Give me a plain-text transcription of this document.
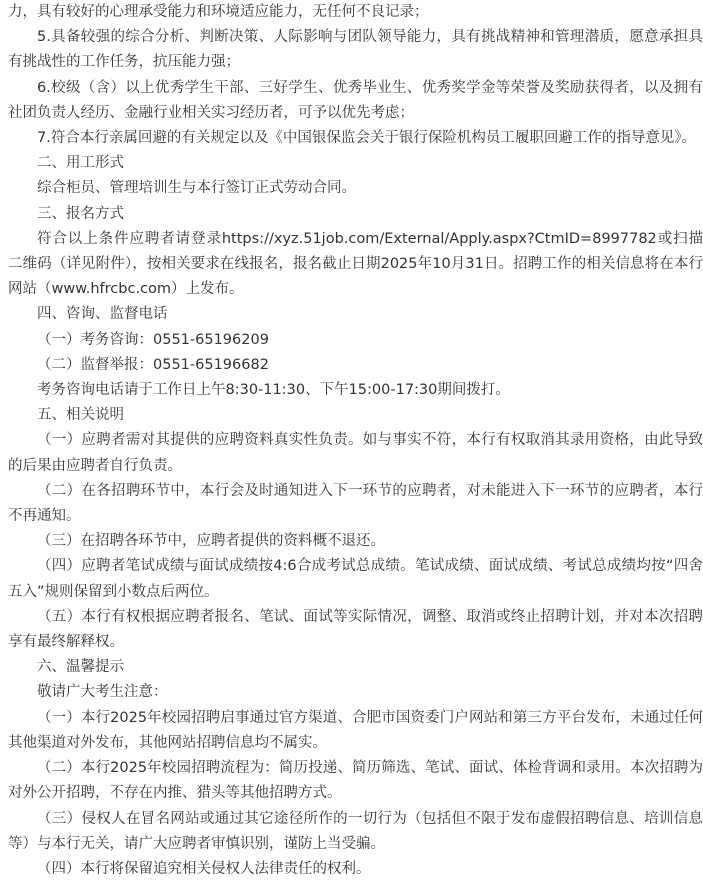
力，具有较好的心理承受能力和环境适应能力，无任何不良记录；

5.具备较强的综合分析、判断决策、人际影响与团队领导能力，具有挑战精神和管理潜质，愿意承担具有挑战性的工作任务，抗压能力强；

6.校级（含）以上优秀学生干部、三好学生、优秀毕业生、优秀奖学金等荣誉及奖励获得者，以及拥有社团负责人经历、金融行业相关实习经历者，可予以优先考虑；

7.符合本行亲属回避的有关规定以及《中国银保监会关于银行保险机构员工履职回避工作的指导意见》。

二、用工形式

综合柜员、管理培训生与本行签订正式劳动合同。

三、报名方式

符合以上条件应聘者请登录https://xyz.51job.com/External/Apply.aspx?CtmID=8997782或扫描二维码（详见附件），按相关要求在线报名，报名截止日期2025年10月31日。招聘工作的相关信息将在本行网站（www.hfrcbc.com）上发布。

四、咨询、监督电话

（一）考务咨询：0551-65196209

（二）监督举报：0551-65196682

考务咨询电话请于工作日上午8:30-11:30、下午15:00-17:30期间拨打。

五、相关说明

（一）应聘者需对其提供的应聘资料真实性负责。如与事实不符，本行有权取消其录用资格，由此导致的后果由应聘者自行负责。

（二）在各招聘环节中，本行会及时通知进入下一环节的应聘者，对未能进入下一环节的应聘者，本行不再通知。

（三）在招聘各环节中，应聘者提供的资料概不退还。

（四）应聘者笔试成绩与面试成绩按4:6合成考试总成绩。笔试成绩、面试成绩、考试总成绩均按“四舍五入”规则保留到小数点后两位。

（五）本行有权根据应聘者报名、笔试、面试等实际情况，调整、取消或终止招聘计划，并对本次招聘享有最终解释权。

六、温馨提示

敬请广大考生注意：

（一）本行2025年校园招聘启事通过官方渠道、合肥市国资委门户网站和第三方平台发布，未通过任何其他渠道对外发布，其他网站招聘信息均不属实。

（二）本行2025年校园招聘流程为：简历投递、简历筛选、笔试、面试、体检背调和录用。本次招聘为对外公开招聘，不存在内推、猎头等其他招聘方式。

（三）侵权人在冒名网站或通过其它途径所作的一切行为（包括但不限于发布虚假招聘信息、培训信息等）与本行无关，请广大应聘者审慎识别，谨防上当受骗。

（四）本行将保留追究相关侵权人法律责任的权利。
